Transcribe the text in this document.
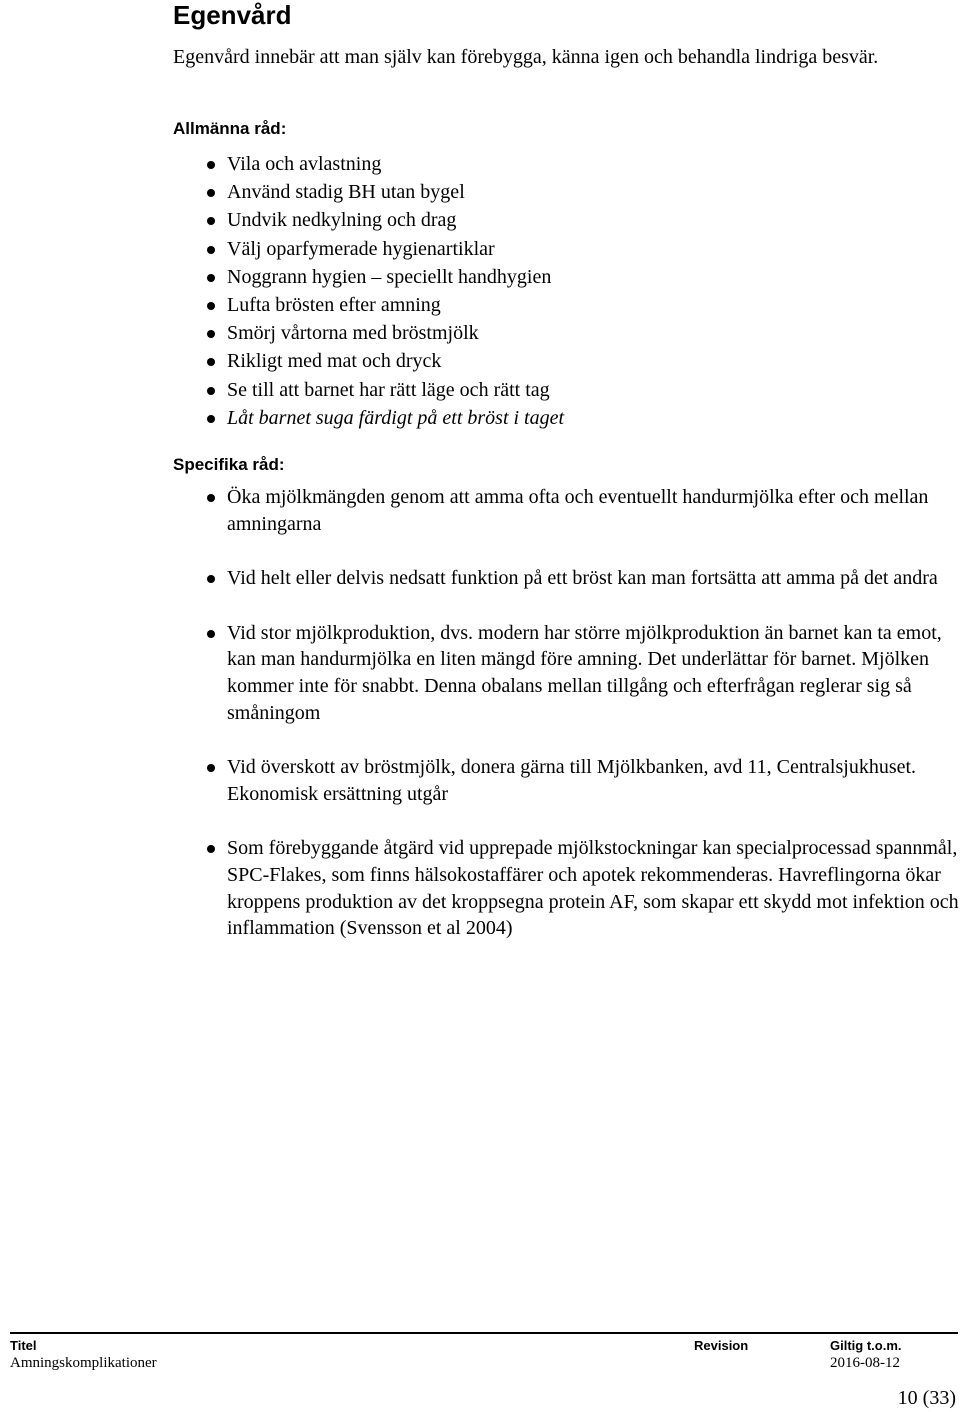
Egenvård

Egenvård innebär att man själv kan förebygga, känna igen och behandla lindriga besvär.

Allmänna råd:
Vila och avlastning
Använd stadig BH utan bygel
Undvik nedkylning och drag
Välj oparfymerade hygienartiklar
Noggrann hygien – speciellt handhygien
Lufta brösten efter amning
Smörj vårtorna med bröstmjölk
Rikligt med mat och dryck
Se till att barnet har rätt läge och rätt tag
Låt barnet suga färdigt på ett bröst i taget
Specifika råd:
Öka mjölkmängden genom att amma ofta och eventuellt handurmjölka efter och mellan amningarna
Vid helt eller delvis nedsatt funktion på ett bröst kan man fortsätta att amma på det andra
Vid stor mjölkproduktion, dvs. modern har större mjölkproduktion än barnet kan ta emot, kan man handurmjölka en liten mängd före amning. Det underlättar för barnet. Mjölken kommer inte för snabbt. Denna obalans mellan tillgång och efterfrågan reglerar sig så småningom
Vid överskott av bröstmjölk, donera gärna till Mjölkbanken, avd 11, Centralsjukhuset. Ekonomisk ersättning utgår
Som förebyggande åtgärd vid upprepade mjölkstockningar kan specialprocessad spannmål, SPC-Flakes, som finns hälsokostaffärer och apotek rekommenderas. Havreflingorna ökar kroppens produktion av det kroppsegna protein AF, som skapar ett skydd mot infektion och inflammation (Svensson et al 2004)
Titel
Amningskomplikationer
Revision	Giltig t.o.m.
2016-08-12
10 (33)
